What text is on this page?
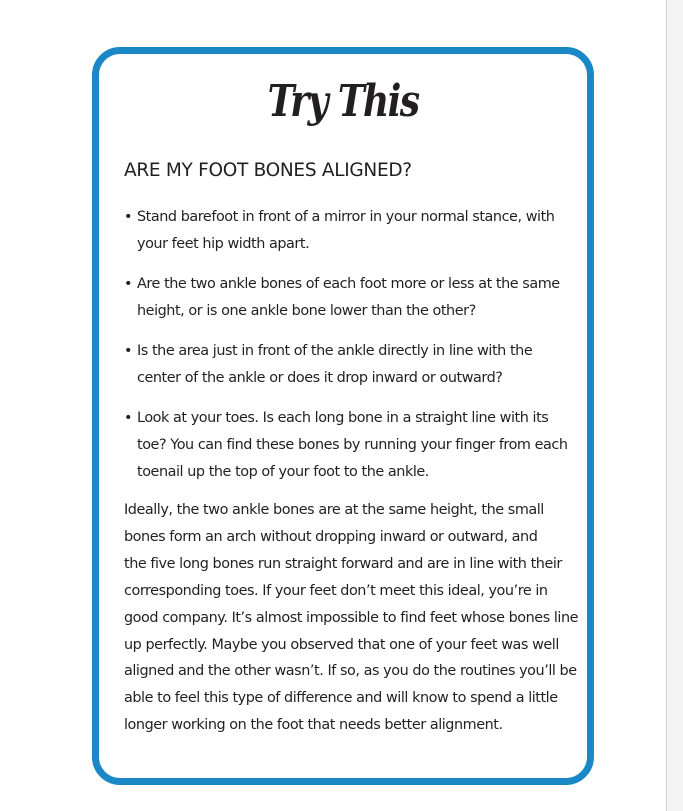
Try This
ARE MY FOOT BONES ALIGNED?
• Stand barefoot in front of a mirror in your normal stance, with
your feet hip width apart.
• Are the two ankle bones of each foot more or less at the same
height, or is one ankle bone lower than the other?
• Is the area just in front of the ankle directly in line with the
center of the ankle or does it drop inward or outward?
• Look at your toes. Is each long bone in a straight line with its
toe? You can find these bones by running your finger from each
toenail up the top of your foot to the ankle.

Ideally, the two ankle bones are at the same height, the small
bones form an arch without dropping inward or outward, and
the five long bones run straight forward and are in line with their
corresponding toes. If your feet don’t meet this ideal, you’re in
good company. It’s almost impossible to find feet whose bones line
up perfectly. Maybe you observed that one of your feet was well
aligned and the other wasn’t. If so, as you do the routines you’ll be
able to feel this type of difference and will know to spend a little
longer working on the foot that needs better alignment.
